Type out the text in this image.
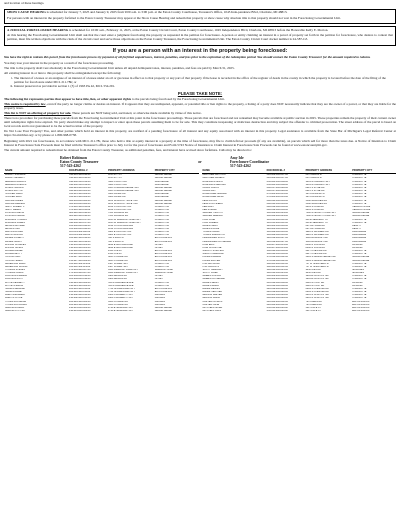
and location of these hearings.

SHOW CAUSE HEARING is scheduled for January 7, 2025 and January 9, 2025 from 9:00 a.m. to 3:00 p.m. at the Eaton County Courthouse, Treasurer's Office, 1045 Inde-pendence Blvd, Charlotte, MI 48813.

For persons with an interest in the property forfeited to the Eaton County Treasurer may appear at the Show Cause Hearing and redeem that property or show cause why absolute title to that property should not vest in the Foreclosing Governmental Unit.

A JUDICIAL FORECLOSURE HEARING is scheduled for 10:00 a.m., February 11, 2025, at the Eaton County Circuit Court, Eaton County Courthouse, 1045 Independence Blvd, Charlotte, MI 48813 before the Honorable Kelly E. Morton.

At this hearing the Foreclosing Governmental Unit shall ask that the court enter a judgment foreclosing the property as requested in the petition for foreclosure. A person or entity claiming an interest in a parcel of property set forth in the petition for foreclosure, who desires to contest that petition, must file written objections with the clerk of the circuit court and serve those objections on the Eaton County Treasurer, the Foreclosing Governmental Unit. The Eaton County Circuit Court docket number is 24-587-CZ.

If you are a person with an interest in the property being foreclosed:

You have the right to redeem this parcel from the foreclosure process by payment of all forfeited unpaid taxes, interest, penalties, and fees prior to the expiration of the redemption period. You should contact the Eaton County Treasurer for the amount required to redeem.

You may lose your interest in the property as a result of the foreclosure proceeding.

The title to the property shall vest absolutely in the Foreclosing Governmental Unit unless all unpaid delinquent taxes, interest, penalties, and fees are paid by March 31, 2025.

All existing interest in or lien to this property shall be extinguished except the following:

i. The interest of a lessee or an assignee of an interest of a lessee under an oil or gas lease in effect as to that property or any part of that property if the lease is recorded in the office of the register of deeds in the county in which the property is located before the date of the filing of the petition for foreclosure under MCL 211.78h; or
ii. Interest preserved as provided in section 1 (3) of 1963 PA 42, MCL 554.291.
PLEASE TAKE NOTE:

The following list represents parties that appear to have title, lien, or other apparent rights to the parcels being foreclosed by the Foreclosing Governmental Unit.

This notice is required by law, even if the party no longer claims or desires an interest. If it appears that they are undisputed, apparent, or potential title or lien rights to the property, a listing of a party does NOT necessarily indicate that they are the owner of a parcel, or that they are liable for the property taxes.

This list is NOT an offering of property for sale. These parcels are NOT being sold, auctioned, or otherwise made available by virtue of this notice.

There is no procedure for purchasing these parcels from the Foreclosing Governmental Unit at this point in the foreclosure proceedings. Those parcels that are foreclosed and not redeemed may become available at public auction in 2025. These properties remain the property of their current owner until redemption rights have expired. No party should make any attempt to inspect or enter upon these parcels assuming them to be for sale. This may constitute trespassing or malicious destruction and may subject the offender to criminal prosecution. The street address of the parcel is based on local records and is not guaranteed to be the actual location of the property.

Do Not Lose Your Property! You, and other parties which hold an interest in this property, are notified of a pending foreclosure of all interest and any equity associated with an interest in this property. Legal assistance is available from the State Bar of Michigan's Legal Referral Center at https://lrs.michbar.org/ or by phone at 1-800-968-0738.

Beginning with 2021 tax foreclosures, in accordance with MCL 211.78t, those who held a title or equity interest in a property at the time of foreclosure, may file to claim leftover proceeds (if any are available), on parcels which sell for more than the taxes due. A Notice of Intention to Claim Interest in Foreclosure Sale Proceeds must be filed with the Treasurer's office prior to July 1st for the year of foreclosure and Form 5743 Notice of Intention to Claim Interest in Foreclosure Sale Proceeds can be found at www.eatoncountymi.gov.

The current amount required to redeem must be obtained from the Eaton County Treasurer, as additional penalties, fees, and interest have accrued since forfeiture. Calls may be directed to:

Robert Robinson
Eaton County Treasurer
517-543-4262
or
Amy Ide
Foreclosure Coordinator
517-543-4262
NAME	DOC/PARCEL #	PROPERTY ADDRESS	PROPERTY CITY
WAGGY SHANDOL	010-016-100-010-00	1215 4TH ST	GRAND LEDGE
WAGGY BEVERLY	010-016-100-010-00	1215 4TH ST	GRAND LEDGE
BRENNAN DAVID A	030-030-500-013-00	5420 S ROOT RD	DIMONDALE
BRENNAN LINDA M	030-030-500-013-00	5420 S ROOT RD	DIMONDALE
MYERS HAROLD	040-024-400-005-00	3455 N GRAND LEDGE HWY	GRAND LEDGE
MYERS RUTH A	040-024-400-005-00	3455 N GRAND LEDGE HWY	GRAND LEDGE
HOOKER LARRY	050-015-300-002-00	6160 CANAL RD	DIMONDALE
HOOKER MARY	050-015-300-002-00	6160 CANAL RD	DIMONDALE
CARTER JAMES	060-001-200-020-00	1101 W MOUNT HOPE HWY	GRAND LEDGE
CARTER BRENDA	060-001-200-020-00	1101 W MOUNT HOPE HWY	GRAND LEDGE
SMITH ROBERT L	070-010-100-011-00	2254 S CLINTON TRL	CHARLOTTE
SMITH DEBRA	070-010-100-011-00	2254 S CLINTON TRL	CHARLOTTE
JOHNSON KEVIN	080-020-400-030-00	7651 LANSING RD	CHARLOTTE
JOHNSON SARAH	080-020-400-030-00	7651 LANSING RD	CHARLOTTE
WILLIAMS THOMAS	090-006-100-017-00	3015 W VERMONTVILLE HWY	CHARLOTTE
WILLIAMS KAREN	090-006-100-017-00	3015 W VERMONTVILLE HWY	CHARLOTTE
BROWN MICHAEL	100-030-200-040-00	1212 N COCHRAN AVE	CHARLOTTE
BROWN LISA	100-030-200-040-00	1212 N COCHRAN AVE	CHARLOTTE
DAVIS RICHARD	110-014-300-008-00	4401 E CLINTON TRL	CHARLOTTE
DAVIS PATRICIA	110-014-300-008-00	4401 E CLINTON TRL	CHARLOTTE
MILLER JOSEPH	120-022-100-016-00	550 S MAIN ST	EATON RAPIDS
MILLER NANCY	120-022-100-016-00	550 S MAIN ST	EATON RAPIDS
WILSON CHARLES	130-005-400-021-00	8832 E MICHIGAN AVE	OLIVET
WILSON SUSAN	130-005-400-021-00	8832 E MICHIGAN AVE	OLIVET
MOORE DANIEL	140-018-200-033-00	2310 N M-50	EATON RAPIDS
MOORE BETTY	140-018-200-033-00	2310 N M-50	EATON RAPIDS
TAYLOR PAUL	150-027-100-002-00	6045 S CANAL RD	EATON RAPIDS
TAYLOR HELEN	150-027-100-002-00	6045 S CANAL RD	EATON RAPIDS
ANDERSON MARK	160-011-300-019-00	1407 KINSEL HWY	CHARLOTTE
ANDERSON DONNA	160-011-300-019-00	1407 KINSEL HWY	CHARLOTTE
THOMAS STEVEN	170-033-400-007-00	9120 VERMONTVILLE HWY	VERMONTVILLE
THOMAS CAROL	170-033-400-007-00	9120 VERMONTVILLE HWY	VERMONTVILLE
JACKSON ANDREW	180-009-200-014-00	3388 BRIGGS RD	OLIVET
JACKSON RUTH	180-009-200-014-00	3388 BRIGGS RD	OLIVET
WHITE KENNETH	190-024-100-026-00	511 W LAWRENCE AVE	CHARLOTTE
WHITE SHARON	190-024-100-026-00	511 W LAWRENCE AVE	CHARLOTTE
HARRIS GEORGE	200-016-300-011-00	7724 SPICERVILLE HWY	EATON RAPIDS
HARRIS DIANE	200-016-300-011-00	7724 SPICERVILLE HWY	EATON RAPIDS
MARTIN EDWARD	210-002-400-035-00	1908 S WAVERLY HWY	LANSING
MARTIN JOYCE	210-002-400-035-00	1908 S WAVERLY HWY	LANSING
THOMPSON BRIAN	220-029-100-004-00	4456 N CANAL RD	LANSING
THOMPSON LAURA	220-029-100-004-00	4456 N CANAL RD	LANSING
GARCIA RONALD	230-013-200-022-00	2790 E SAGINAW HWY	GRAND LEDGE
GARCIA CYNTHIA	230-013-200-022-00	2790 E SAGINAW HWY	GRAND LEDGE
NAME	DOC/PARCEL #	PROPERTY ADDRESS	PROPERTY CITY
MARTINEZ ANTHONY	240-008-300-017-00	615 HARRIS ST	CHARLOTTE
MARTINEZ ANGELA	240-008-300-017-00	615 HARRIS ST	CHARLOTTE
ROBINSON KEVIN	250-021-100-009-00	3341 W KALAMO HWY	CHARLOTTE
ROBINSON MELISSA	250-021-100-009-00	3341 W KALAMO HWY	CHARLOTTE
CLARK JASON	260-017-400-028-00	8815 S STINE RD	CHARLOTTE
CLARK AMY	260-017-400-028-00	8815 S STINE RD	CHARLOTTE
RODRIGUEZ JEFFREY	270-004-200-013-00	1276 LANSING ST	CHARLOTTE
RODRIGUEZ ANNA	270-004-200-013-00	1276 LANSING ST	CHARLOTTE
LEWIS RYAN	280-031-100-036-00	5508 MULLIKEN RD	CHARLOTTE
LEWIS KATHLEEN	280-031-100-036-00	5508 MULLIKEN RD	CHARLOTTE
LEE GARY	290-012-300-006-00	2043 S IONIA RD	VERMONTVILLE
LEE SHIRLEY	290-012-300-006-00	2043 S IONIA RD	VERMONTVILLE
WALKER TIMOTHY	300-026-400-024-00	7192 W MOUNT HOPE HWY	GRAND LEDGE
WALKER BRENDA	300-026-400-024-00	7192 W MOUNT HOPE HWY	GRAND LEDGE
HALL JOSE	310-015-200-031-00	410 E SEMINARY ST	CHARLOTTE
HALL PAMELA	310-015-200-031-00	410 E SEMINARY ST	CHARLOTTE
ALLEN LARRY	320-003-100-018-00	6675 E HOWE RD	DEWITT
ALLEN NICOLE	320-003-100-018-00	6675 E HOWE RD	DEWITT
YOUNG FRANK	330-028-300-010-00	3920 N GUNNELL RD	DIMONDALE
YOUNG SAMANTHA	330-028-300-010-00	3920 N GUNNELL RD	DIMONDALE
HERNANDEZ SCOTT	340-019-400-027-00	1184 WINDSOR HWY	DIMONDALE
HERNANDEZ KATHERINE	340-019-400-027-00	1184 WINDSOR HWY	DIMONDALE
KING ERIC	350-007-200-015-00	8460 N STATE RD	LANSING
KING CHRISTINE	350-007-200-015-00	8460 N STATE RD	LANSING
WRIGHT STEPHEN	360-034-100-003-00	2617 CHESTER RD	CHARLOTTE
WRIGHT DEBORAH	360-034-100-003-00	2617 CHESTER RD	CHARLOTTE
LOPEZ ANDREW	370-010-300-032-00	5093 S GRAND LEDGE HWY	GRAND LEDGE
LOPEZ RACHEL	370-010-300-032-00	5093 S GRAND LEDGE HWY	GRAND LEDGE
HILL RAYMOND	380-025-400-012-00	717 W SHEPHERD ST	CHARLOTTE
HILL CAROLYN	380-025-400-012-00	717 W SHEPHERD ST	CHARLOTTE
SCOTT GREGORY	390-014-100-025-00	9352 IVES RD	MULLIKEN
SCOTT JANET	390-014-100-025-00	9352 IVES RD	MULLIKEN
GREEN JOSHUA	400-006-200-038-00	1845 E CLINTON TRL	CHARLOTTE
GREEN CATHERINE	400-006-200-038-00	1845 E CLINTON TRL	CHARLOTTE
ADAMS JERRY	410-030-300-008-00	4126 W HOLT RD	LANSING
ADAMS MARIA	410-030-300-008-00	4126 W HOLT RD	LANSING
BAKER DENNIS	420-018-400-020-00	6609 S CHESTER RD	CHARLOTTE
BAKER HEATHER	420-018-400-020-00	6609 S CHESTER RD	CHARLOTTE
NELSON WALTER	430-001-100-029-00	2235 N CLINTON TRL	CHARLOTTE
NELSON DIANA	430-001-100-029-00	2235 N CLINTON TRL	CHARLOTTE
CARTER PATRICK	440-023-200-001-00	7970 DEAN RD	EATON RAPIDS
CARTER JULIE	440-023-200-001-00	7970 DEAN RD	EATON RAPIDS
MITCHELL PETER	450-011-300-034-00	503 STATE ST	EATON RAPIDS
MITCHELL JOAN	450-011-300-034-00	503 STATE ST	EATON RAPIDS
